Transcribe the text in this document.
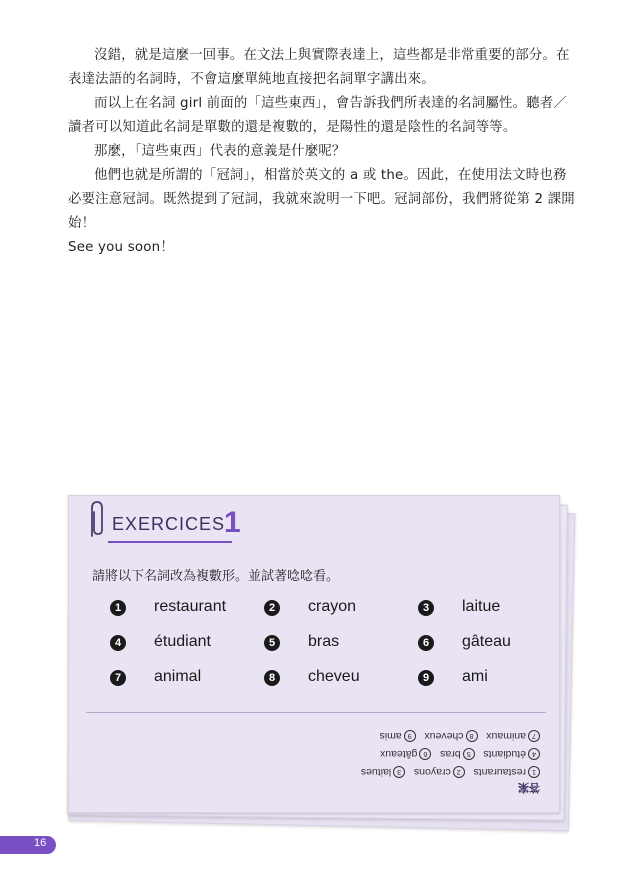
沒錯，就是這麼一回事。在文法上與實際表達上，這些都是非常重要的部分。在表達法語的名詞時，不會這麼單純地直接把名詞單字講出來。

而以上在名詞 girl 前面的「這些東西」，會告訴我們所表達的名詞屬性。聽者／讀者可以知道此名詞是單數的還是複數的，是陽性的還是陰性的名詞等等。

那麼，「這些東西」代表的意義是什麼呢？

他們也就是所謂的「冠詞」，相當於英文的 a 或 the。因此，在使用法文時也務必要注意冠詞。既然提到了冠詞，我就來說明一下吧。冠詞部份，我們將從第 2 課開始！

See you soon！

EXERCICES
1
請將以下名詞改為複數形。並試著唸唸看。
1	restaurant	2	crayon	3	laitue
4	étudiant	5	bras	6	gâteau
7	animal	8	cheveu	9	ami
答案
1restaurants   2crayons   3laitues
4étudiants   5bras   6gâteaux
7animaux   8cheveux   9amis
16
